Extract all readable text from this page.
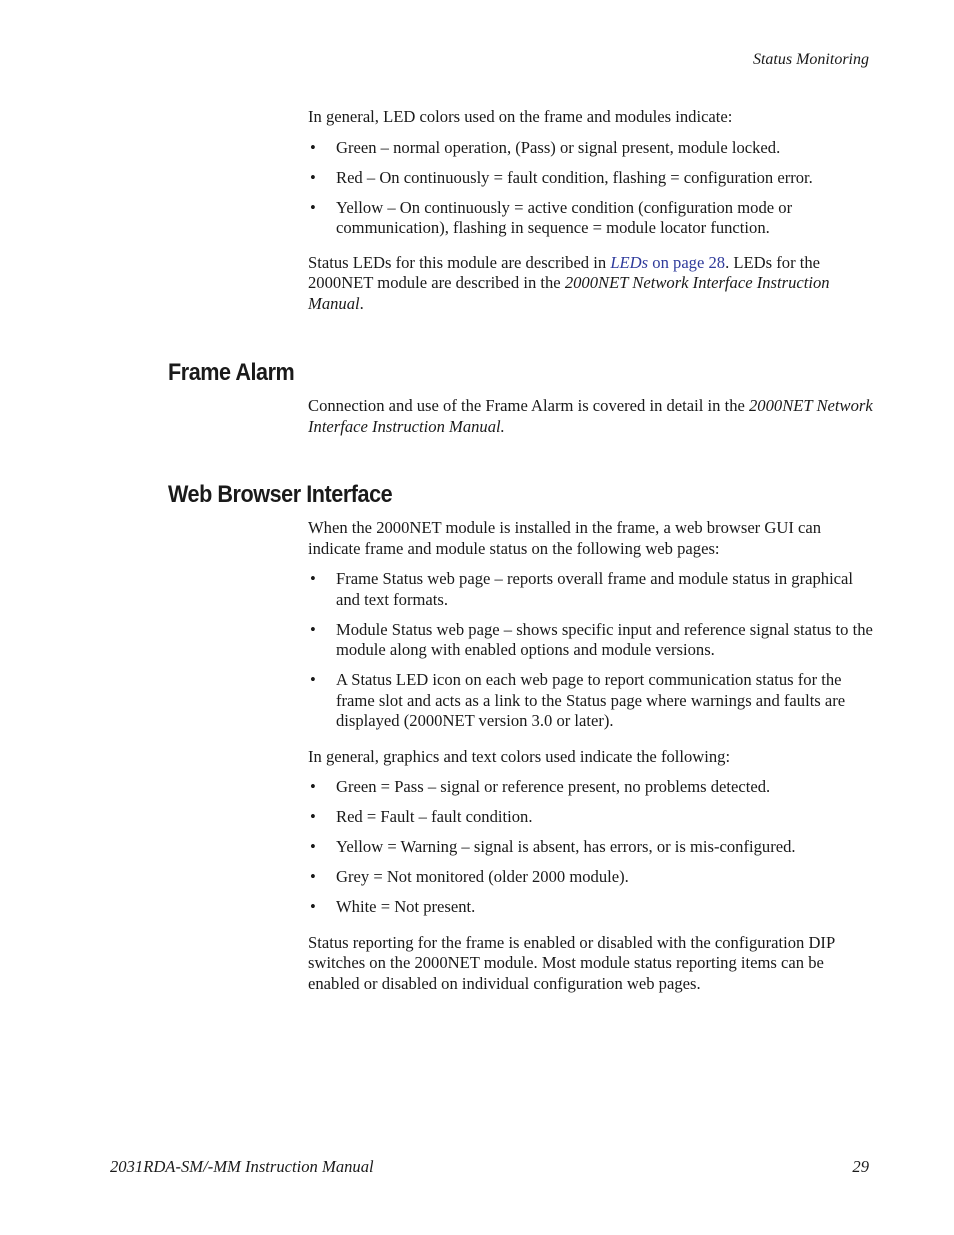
Status Monitoring

In general, LED colors used on the frame and modules indicate:

• Green – normal operation, (Pass) or signal present, module locked.
• Red – On continuously = fault condition, flashing = configuration error.
• Yellow – On continuously = active condition (configuration mode or communication), flashing in sequence = module locator function.

Status LEDs for this module are described in LEDs on page 28. LEDs for the 2000NET module are described in the 2000NET Network Interface Instruction Manual.

Frame Alarm

Connection and use of the Frame Alarm is covered in detail in the 2000NET Network Interface Instruction Manual.

Web Browser Interface

When the 2000NET module is installed in the frame, a web browser GUI can indicate frame and module status on the following web pages:

• Frame Status web page – reports overall frame and module status in graphical and text formats.
• Module Status web page – shows specific input and reference signal status to the module along with enabled options and module versions.
• A Status LED icon on each web page to report communication status for the frame slot and acts as a link to the Status page where warnings and faults are displayed (2000NET version 3.0 or later).

In general, graphics and text colors used indicate the following:

• Green = Pass – signal or reference present, no problems detected.
• Red = Fault – fault condition.
• Yellow = Warning – signal is absent, has errors, or is mis-configured.
• Grey = Not monitored (older 2000 module).
• White = Not present.

Status reporting for the frame is enabled or disabled with the configuration DIP switches on the 2000NET module. Most module status reporting items can be enabled or disabled on individual configuration web pages.

2031RDA-SM/-MM Instruction Manual	29
